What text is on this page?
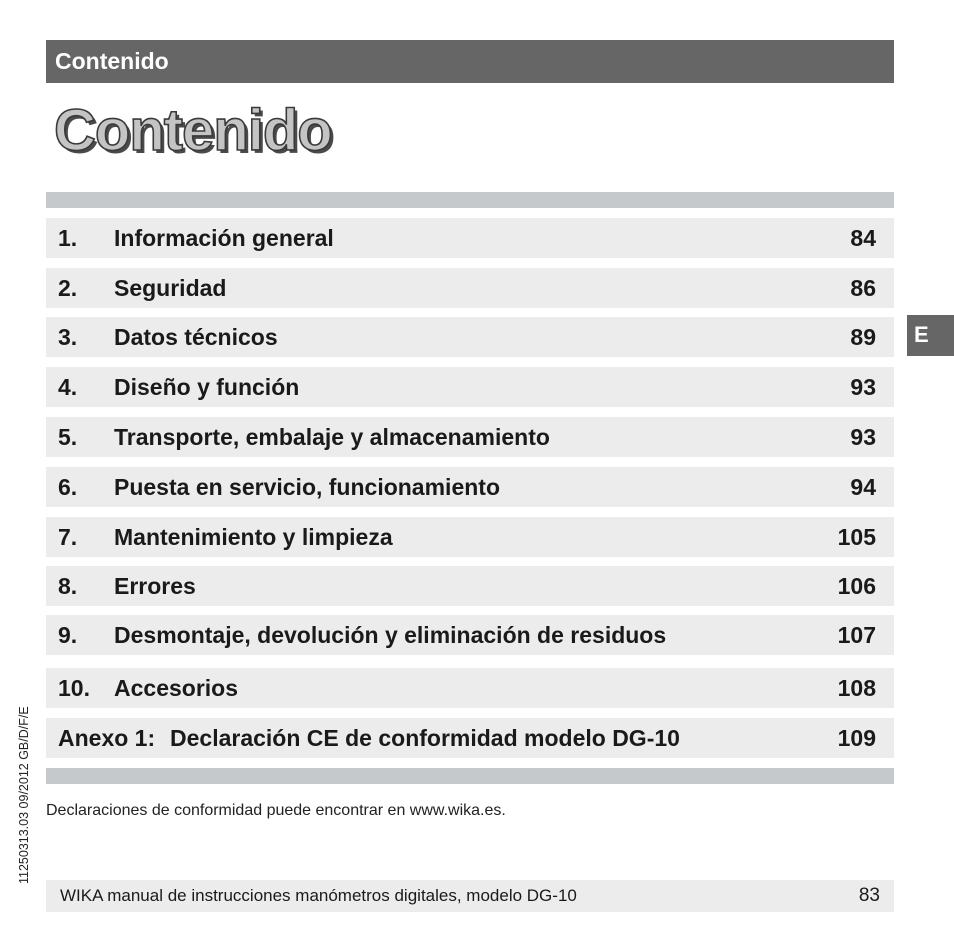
Contenido
Contenido
1. Información general	84
2. Seguridad	86
3. Datos técnicos	89
4. Diseño y función	93
5. Transporte, embalaje y almacenamiento	93
6. Puesta en servicio, funcionamiento	94
7. Mantenimiento y limpieza	105
8. Errores	106
9. Desmontaje, devolución y eliminación de residuos	107
10. Accesorios	108
Anexo 1: Declaración CE de conformidad modelo DG-10	109
E
11250313.03 09/2012 GB/D/F/E Declaraciones de conformidad puede encontrar en www.wika.es.
WIKA manual de instrucciones manómetros digitales, modelo DG-10	83
